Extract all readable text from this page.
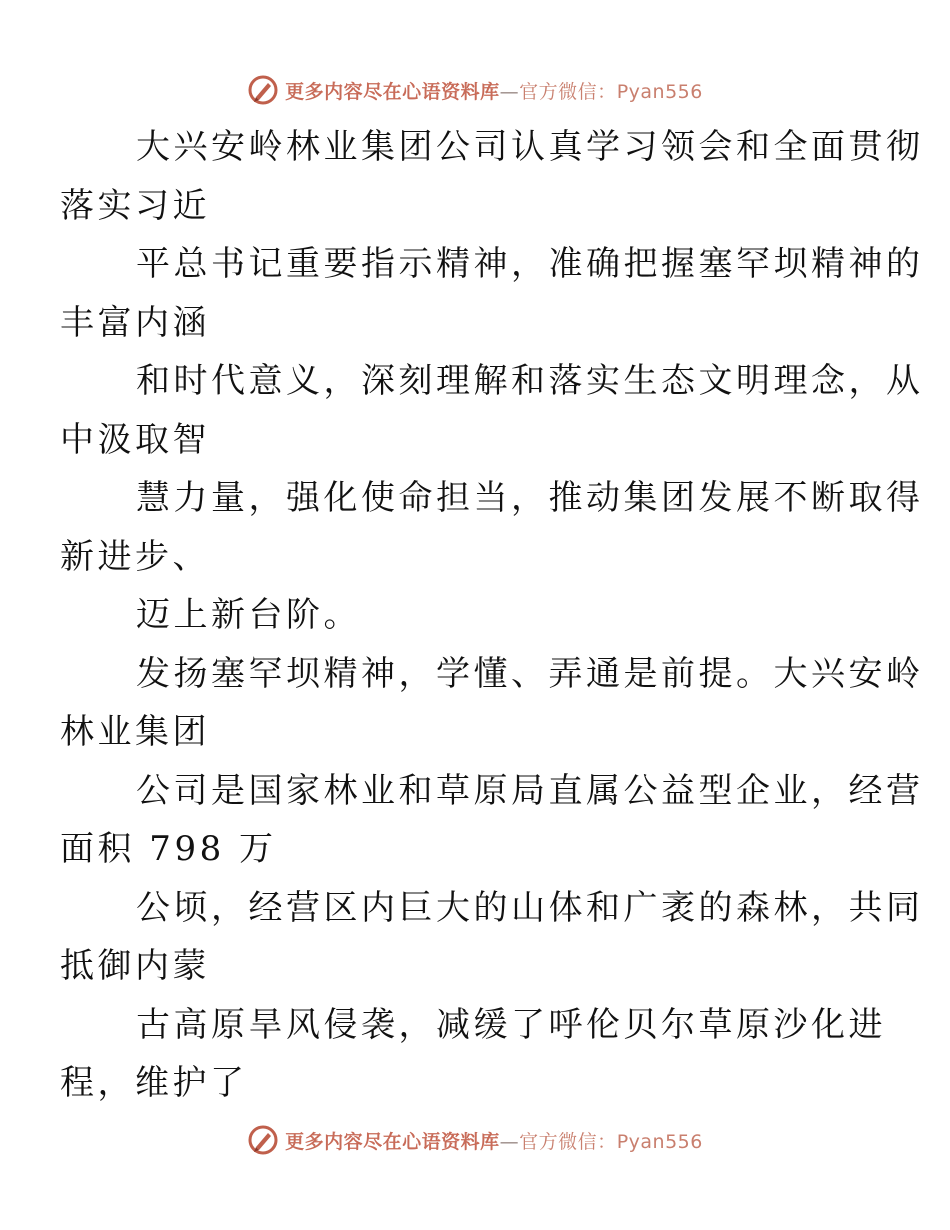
更多内容尽在心语资料库—官方微信：Pyan556

大兴安岭林业集团公司认真学习领会和全面贯彻
落实习近

平总书记重要指示精神，准确把握塞罕坝精神的
丰富内涵

和时代意义，深刻理解和落实生态文明理念，从
中汲取智

慧力量，强化使命担当，推动集团发展不断取得
新进步、

迈上新台阶。

发扬塞罕坝精神，学懂、弄通是前提。大兴安岭
林业集团

公司是国家林业和草原局直属公益型企业，经营
面积 798 万

公顷，经营区内巨大的山体和广袤的森林，共同
抵御内蒙

古高原旱风侵袭，减缓了呼伦贝尔草原沙化进
程，维护了

更多内容尽在心语资料库—官方微信：Pyan556
